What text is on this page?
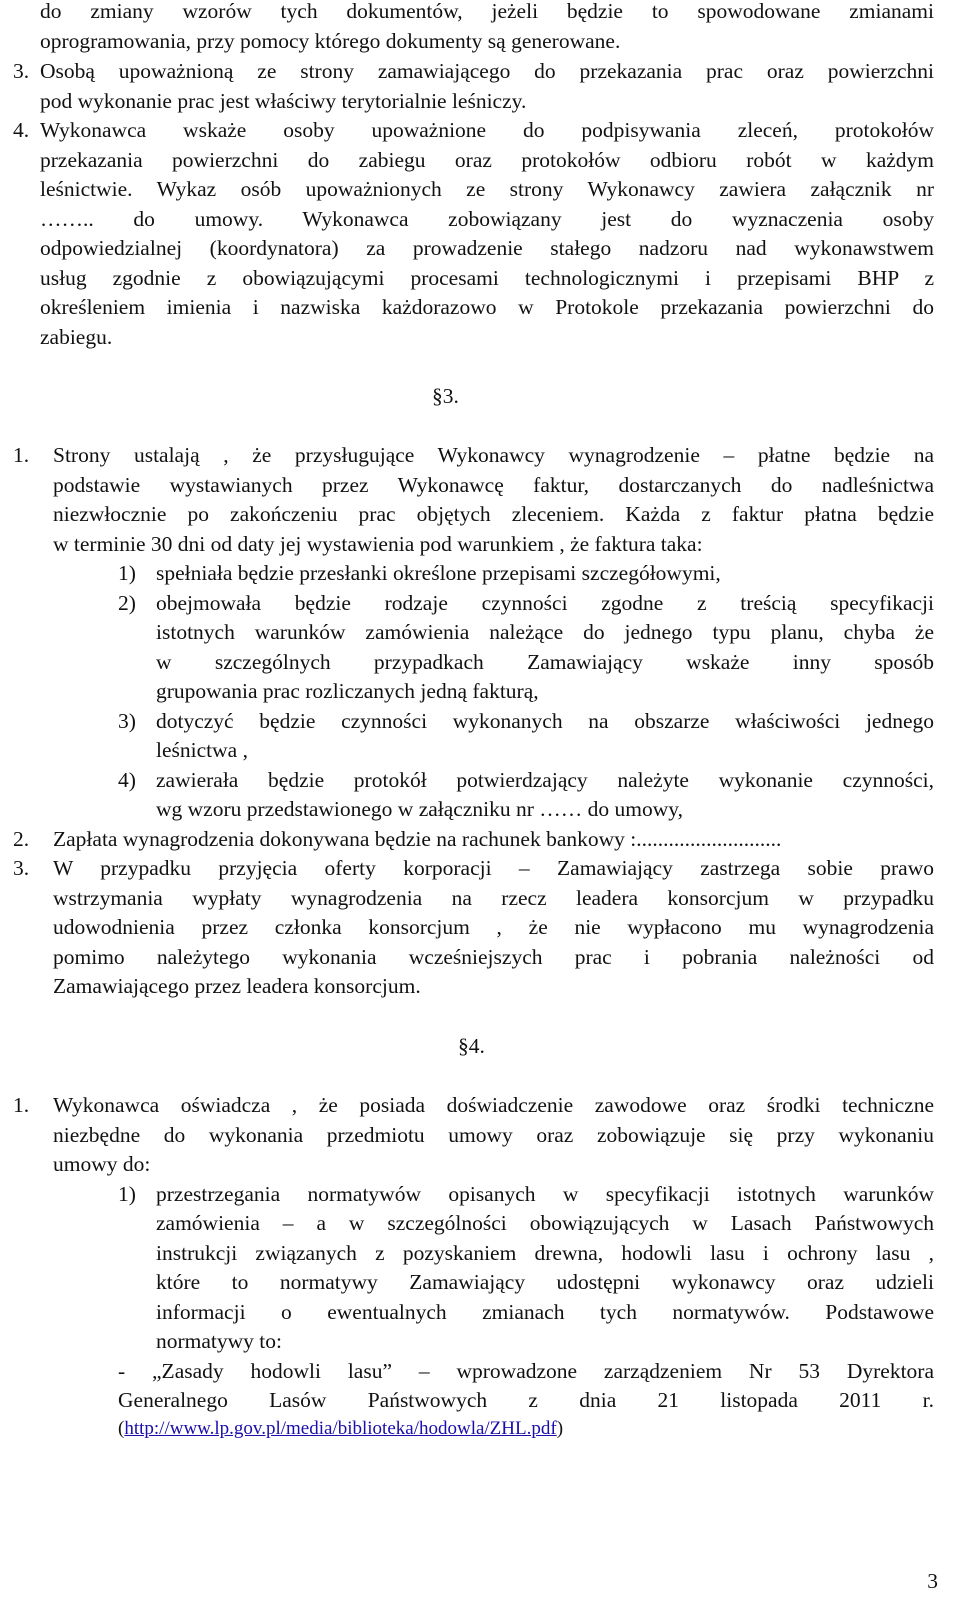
do zmiany wzorów tych dokumentów, jeżeli będzie to spowodowane zmianami
oprogramowania, przy pomocy którego dokumenty są generowane.
3. Osobą upoważnioną ze strony zamawiającego do przekazania prac oraz powierzchni
pod wykonanie prac jest właściwy terytorialnie leśniczy.
4. Wykonawca wskaże osoby upoważnione do podpisywania zleceń, protokołów
przekazania powierzchni do zabiegu oraz protokołów odbioru robót w każdym
leśnictwie. Wykaz osób upoważnionych ze strony Wykonawcy zawiera załącznik nr
…….. do umowy. Wykonawca zobowiązany jest do wyznaczenia osoby
odpowiedzialnej (koordynatora) za prowadzenie stałego nadzoru nad wykonawstwem
usług zgodnie z obowiązującymi procesami technologicznymi i przepisami BHP z
określeniem imienia i nazwiska każdorazowo w Protokole przekazania powierzchni do
zabiegu.
§3.
1. Strony ustalają , że przysługujące Wykonawcy wynagrodzenie – płatne będzie na
podstawie wystawianych przez Wykonawcę faktur, dostarczanych do nadleśnictwa
niezwłocznie po zakończeniu prac objętych zleceniem. Każda z faktur płatna będzie
w terminie 30 dni od daty jej wystawienia pod warunkiem , że faktura taka:
1) spełniała będzie przesłanki określone przepisami szczegółowymi,
2) obejmowała będzie rodzaje czynności zgodne z treścią specyfikacji
istotnych warunków zamówienia należące do jednego typu planu, chyba że
w szczególnych przypadkach Zamawiający wskaże inny sposób
grupowania prac rozliczanych jedną fakturą,
3) dotyczyć będzie czynności wykonanych na obszarze właściwości jednego
leśnictwa ,
4) zawierała będzie protokół potwierdzający należyte wykonanie czynności,
wg wzoru przedstawionego w załączniku nr …… do umowy,
2. Zapłata wynagrodzenia dokonywana będzie na rachunek bankowy :...........................
3. W przypadku przyjęcia oferty korporacji – Zamawiający zastrzega sobie prawo
wstrzymania wypłaty wynagrodzenia na rzecz leadera konsorcjum w przypadku
udowodnienia przez członka konsorcjum , że nie wypłacono mu wynagrodzenia
pomimo należytego wykonania wcześniejszych prac i pobrania należności od
Zamawiającego przez leadera konsorcjum.
§4.
1. Wykonawca oświadcza , że posiada doświadczenie zawodowe oraz środki techniczne
niezbędne do wykonania przedmiotu umowy oraz zobowiązuje się przy wykonaniu
umowy do:
1) przestrzegania normatywów opisanych w specyfikacji istotnych warunków
zamówienia – a w szczególności obowiązujących w Lasach Państwowych
instrukcji związanych z pozyskaniem drewna, hodowli lasu i ochrony lasu ,
które to normatywy Zamawiający udostępni wykonawcy oraz udzieli
informacji o ewentualnych zmianach tych normatywów. Podstawowe
normatywy to:
- „Zasady hodowli lasu” – wprowadzone zarządzeniem Nr 53 Dyrektora
Generalnego Lasów Państwowych z dnia 21 listopada 2011 r.
(http://www.lp.gov.pl/media/biblioteka/hodowla/ZHL.pdf)
3
